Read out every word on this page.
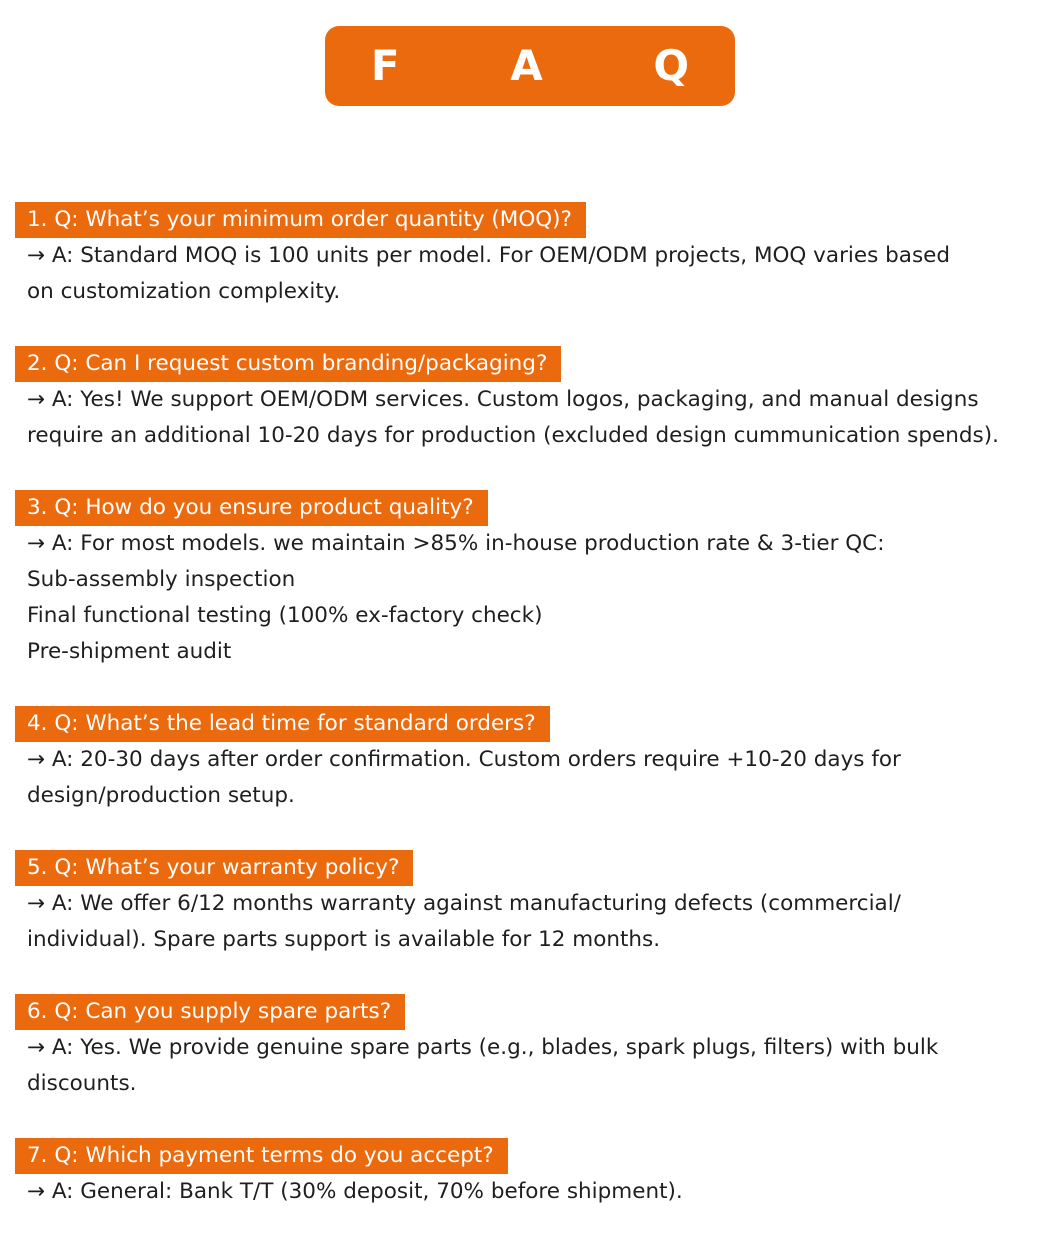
F A Q
1. Q: What’s your minimum order quantity (MOQ)?

→ A: Standard MOQ is 100 units per model. For OEM/ODM projects, MOQ varies based
on customization complexity.

2. Q: Can I request custom branding/packaging?

→ A: Yes! We support OEM/ODM services. Custom logos, packaging, and manual designs
require an additional 10-20 days for production (excluded design cummunication spends).

3. Q: How do you ensure product quality?

→ A: For most models. we maintain >85% in-house production rate & 3-tier QC:
Sub-assembly inspection
Final functional testing (100% ex-factory check)
Pre-shipment audit

4. Q: What’s the lead time for standard orders?

→ A: 20-30 days after order confirmation. Custom orders require +10-20 days for
design/production setup.

5. Q: What’s your warranty policy?

→ A: We offer 6/12 months warranty against manufacturing defects (commercial/
individual). Spare parts support is available for 12 months.

6. Q: Can you supply spare parts?

→ A: Yes. We provide genuine spare parts (e.g., blades, spark plugs, filters) with bulk
discounts.

7. Q: Which payment terms do you accept?

→ A: General: Bank T/T (30% deposit, 70% before shipment).
